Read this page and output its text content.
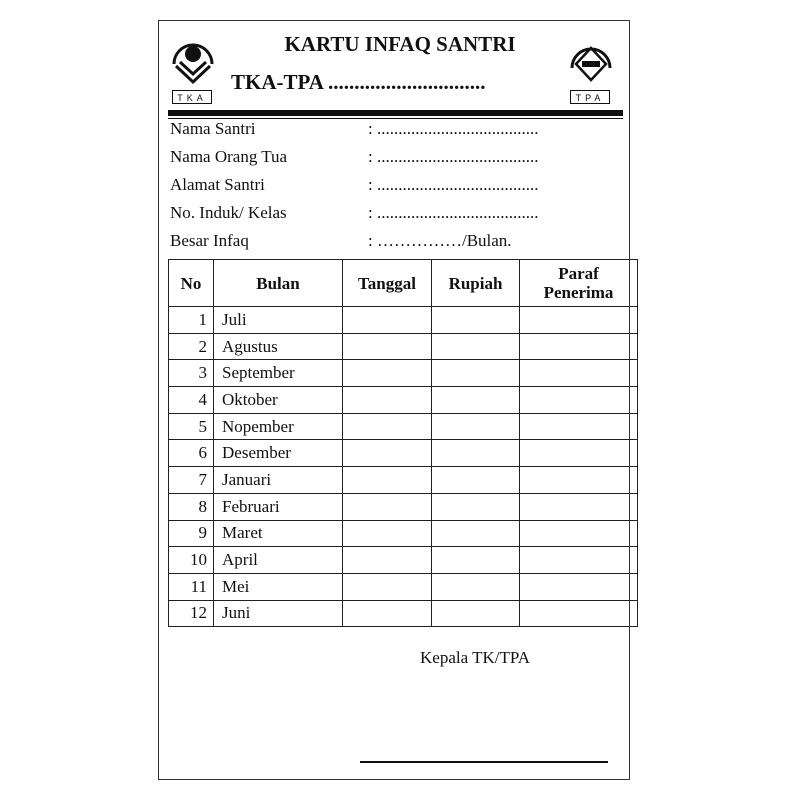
TKA	TPA
KARTU INFAQ SANTRI
TKA-TPA ..............................
Nama Santri	: ......................................
Nama Orang Tua	: ......................................
Alamat Santri	: ......................................
No. Induk/ Kelas	: ......................................
Besar Infaq	: ……………/Bulan.
No	Bulan	Tanggal	Rupiah	Paraf Penerima
1	Juli			
2	Agustus			
3	September			
4	Oktober			
5	Nopember			
6	Desember			
7	Januari			
8	Februari			
9	Maret			
10	April			
11	Mei			
12	Juni			
Kepala TK/TPA
